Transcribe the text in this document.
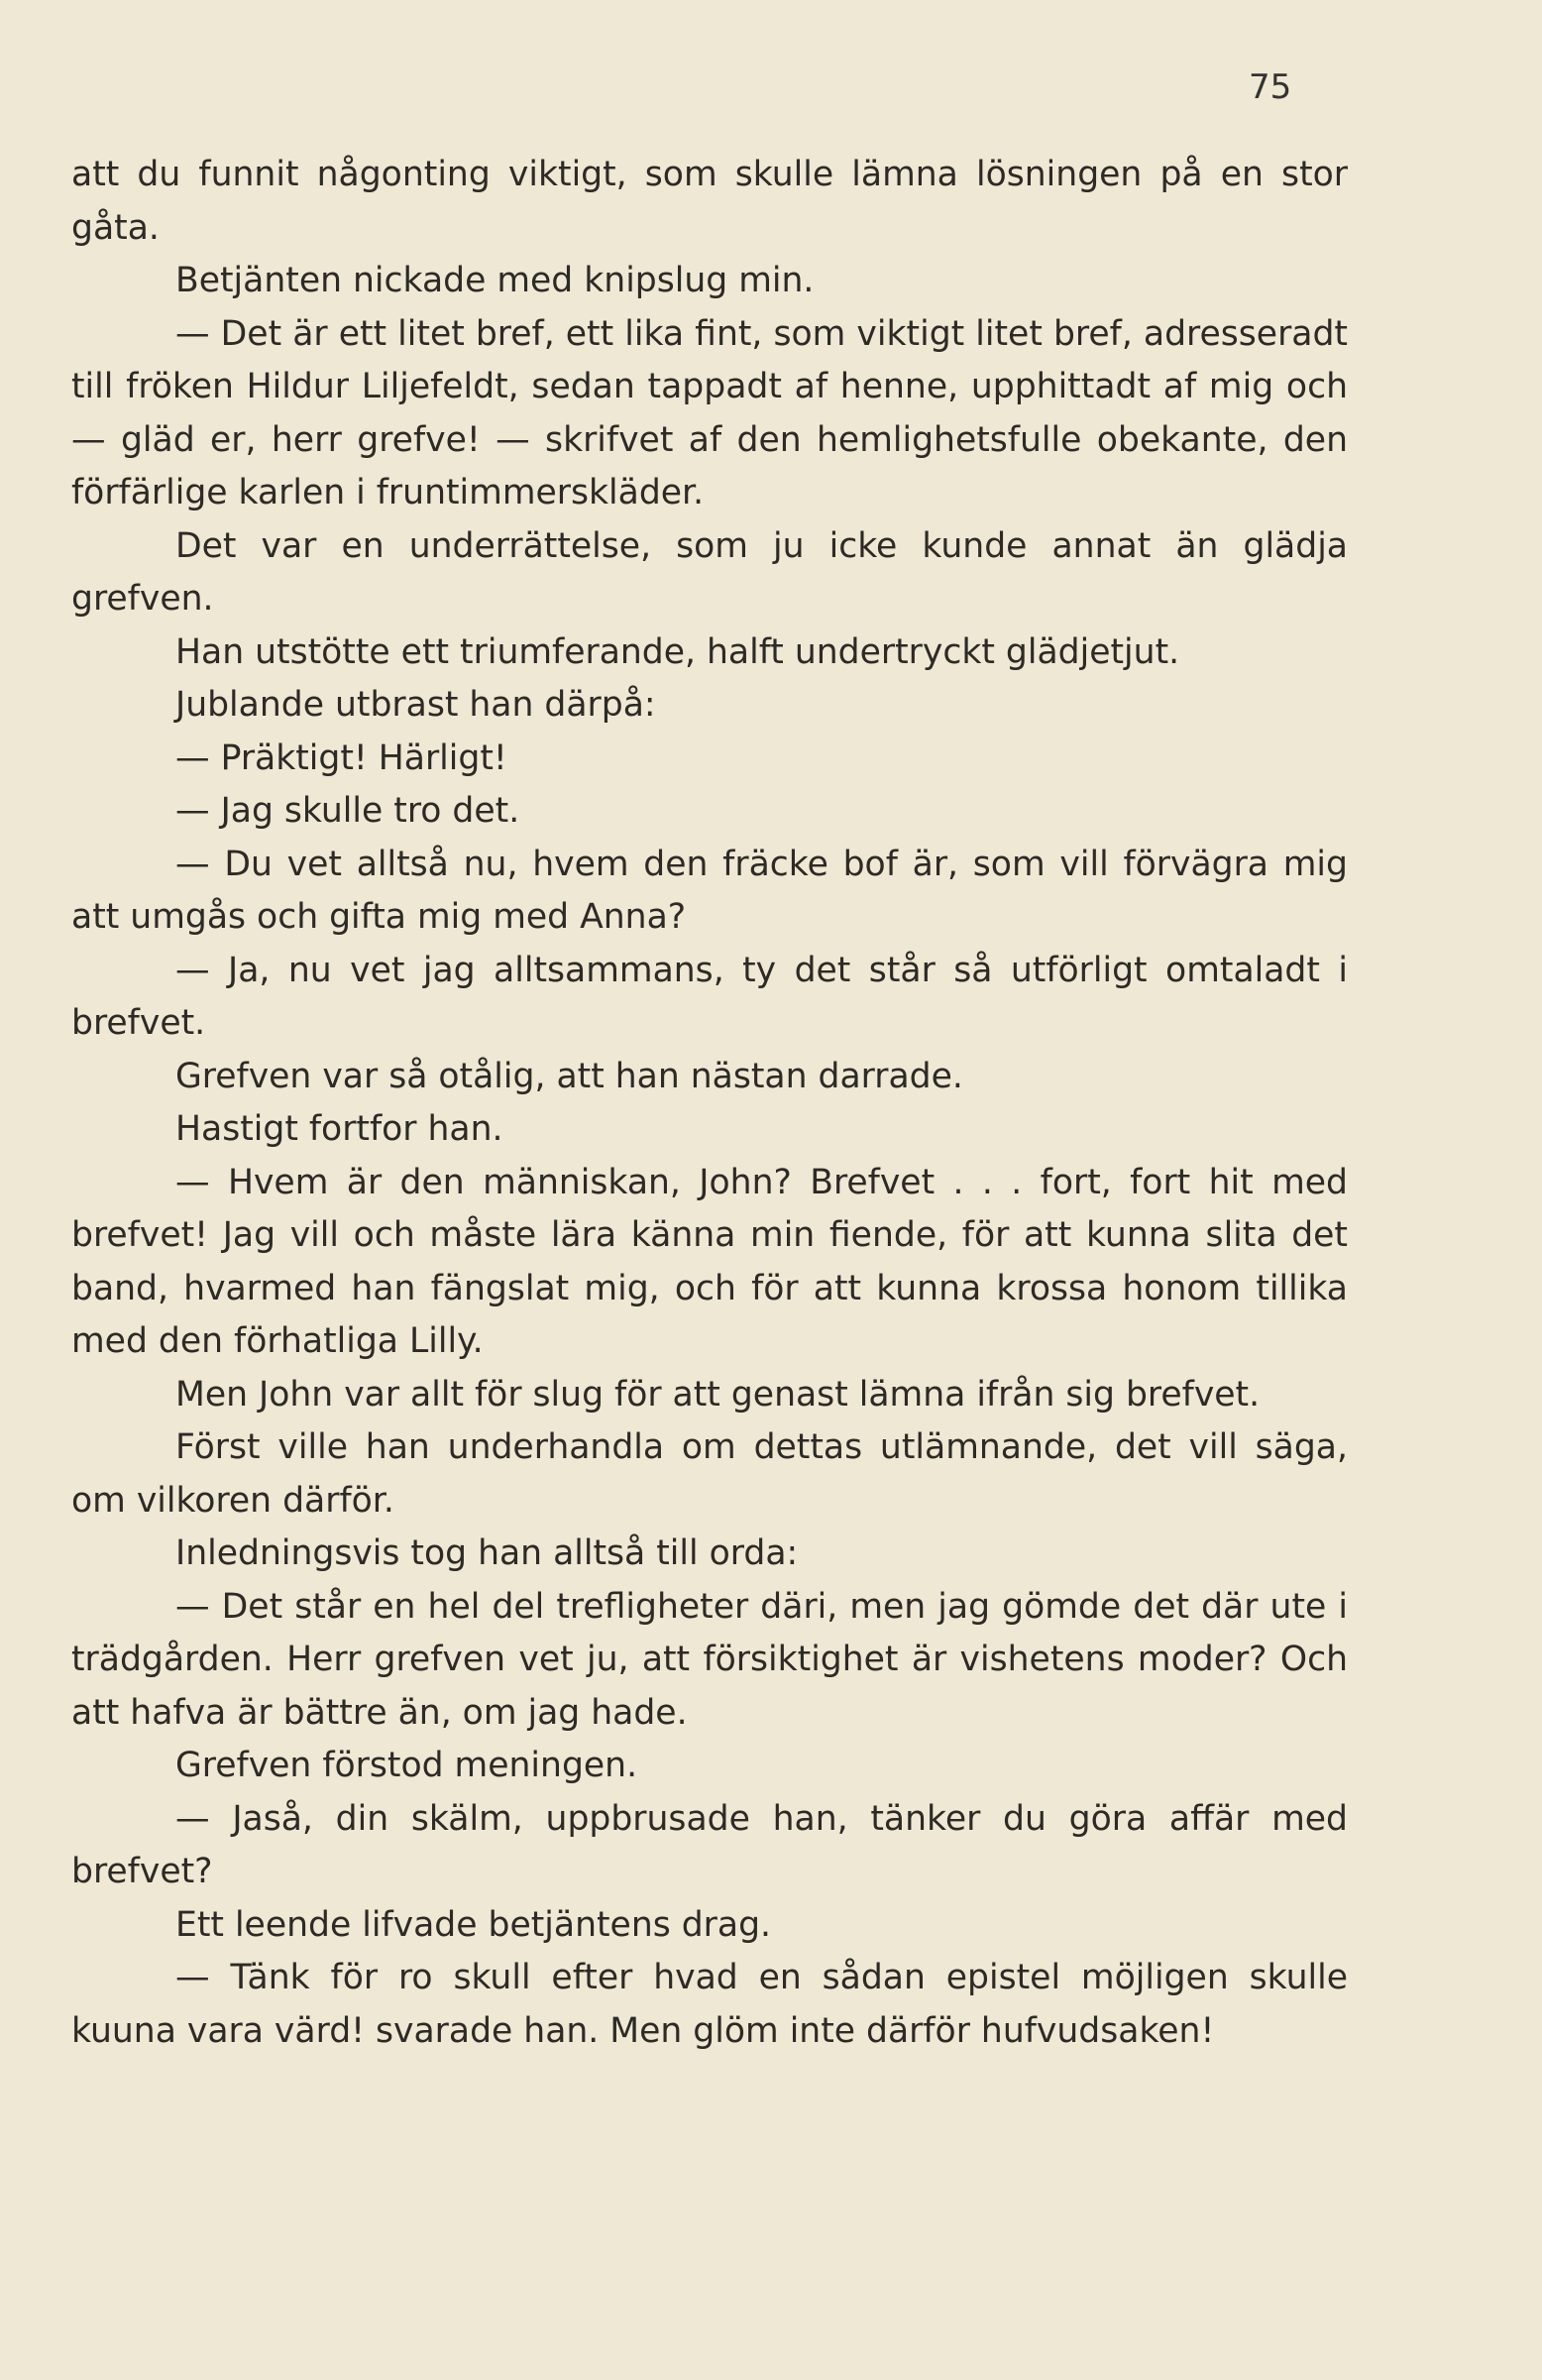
75

att du funnit någonting viktigt, som skulle lämna lösningen på en stor gåta.

Betjänten nickade med knipslug min.

— Det är ett litet bref, ett lika fint, som viktigt litet bref, adresseradt till fröken Hildur Liljefeldt, sedan tappadt af henne, upphittadt af mig och — gläd er, herr grefve! — skrifvet af den hemlighetsfulle obekante, den förfärlige karlen i fruntimmerskläder.

Det var en underrättelse, som ju icke kunde annat än glädja grefven.

Han utstötte ett triumferande, halft undertryckt glädjetjut.

Jublande utbrast han därpå:

— Präktigt! Härligt!

— Jag skulle tro det.

— Du vet alltså nu, hvem den fräcke bof är, som vill förvägra mig att umgås och gifta mig med Anna?

— Ja, nu vet jag alltsammans, ty det står så utförligt omtaladt i brefvet.

Grefven var så otålig, att han nästan darrade.

Hastigt fortfor han.

— Hvem är den människan, John? Brefvet . . . fort, fort hit med brefvet! Jag vill och måste lära känna min fiende, för att kunna slita det band, hvarmed han fängslat mig, och för att kunna krossa honom tillika med den förhatliga Lilly.

Men John var allt för slug för att genast lämna ifrån sig brefvet.

Först ville han underhandla om dettas utlämnande, det vill säga, om vilkoren därför.

Inledningsvis tog han alltså till orda:

— Det står en hel del trefligheter däri, men jag gömde det där ute i trädgården. Herr grefven vet ju, att försiktighet är vishetens moder? Och att hafva är bättre än, om jag hade.

Grefven förstod meningen.

— Jaså, din skälm, uppbrusade han, tänker du göra affär med brefvet?

Ett leende lifvade betjäntens drag.

— Tänk för ro skull efter hvad en sådan epistel möjligen skulle kuuna vara värd! svarade han. Men glöm inte därför hufvudsaken!
